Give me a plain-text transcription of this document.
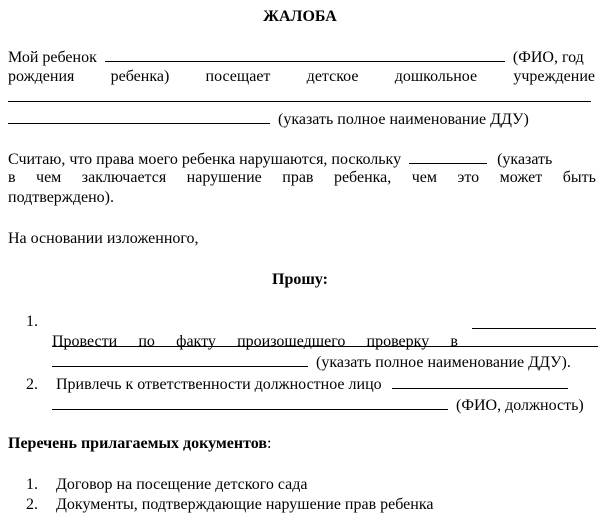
ЖАЛОБА
Мой ребенок	(ФИО, год
рождения ребенка) посещает детское дошкольное учреждение
(указать полное наименование ДДУ)
Считаю, что права моего ребенка нарушаются, поскольку	(указать
в чем заключается нарушение прав ребенка, чем это может быть
подтверждено).
На основании изложенного,
Прошу:
1.
Провести по факту произошедшего проверку в
(указать полное наименование ДДУ).
2. Привлечь к ответственности должностное лицо
(ФИО, должность)
Перечень прилагаемых документов:
1. Договор на посещение детского сада
2. Документы, подтверждающие нарушение прав ребенка
